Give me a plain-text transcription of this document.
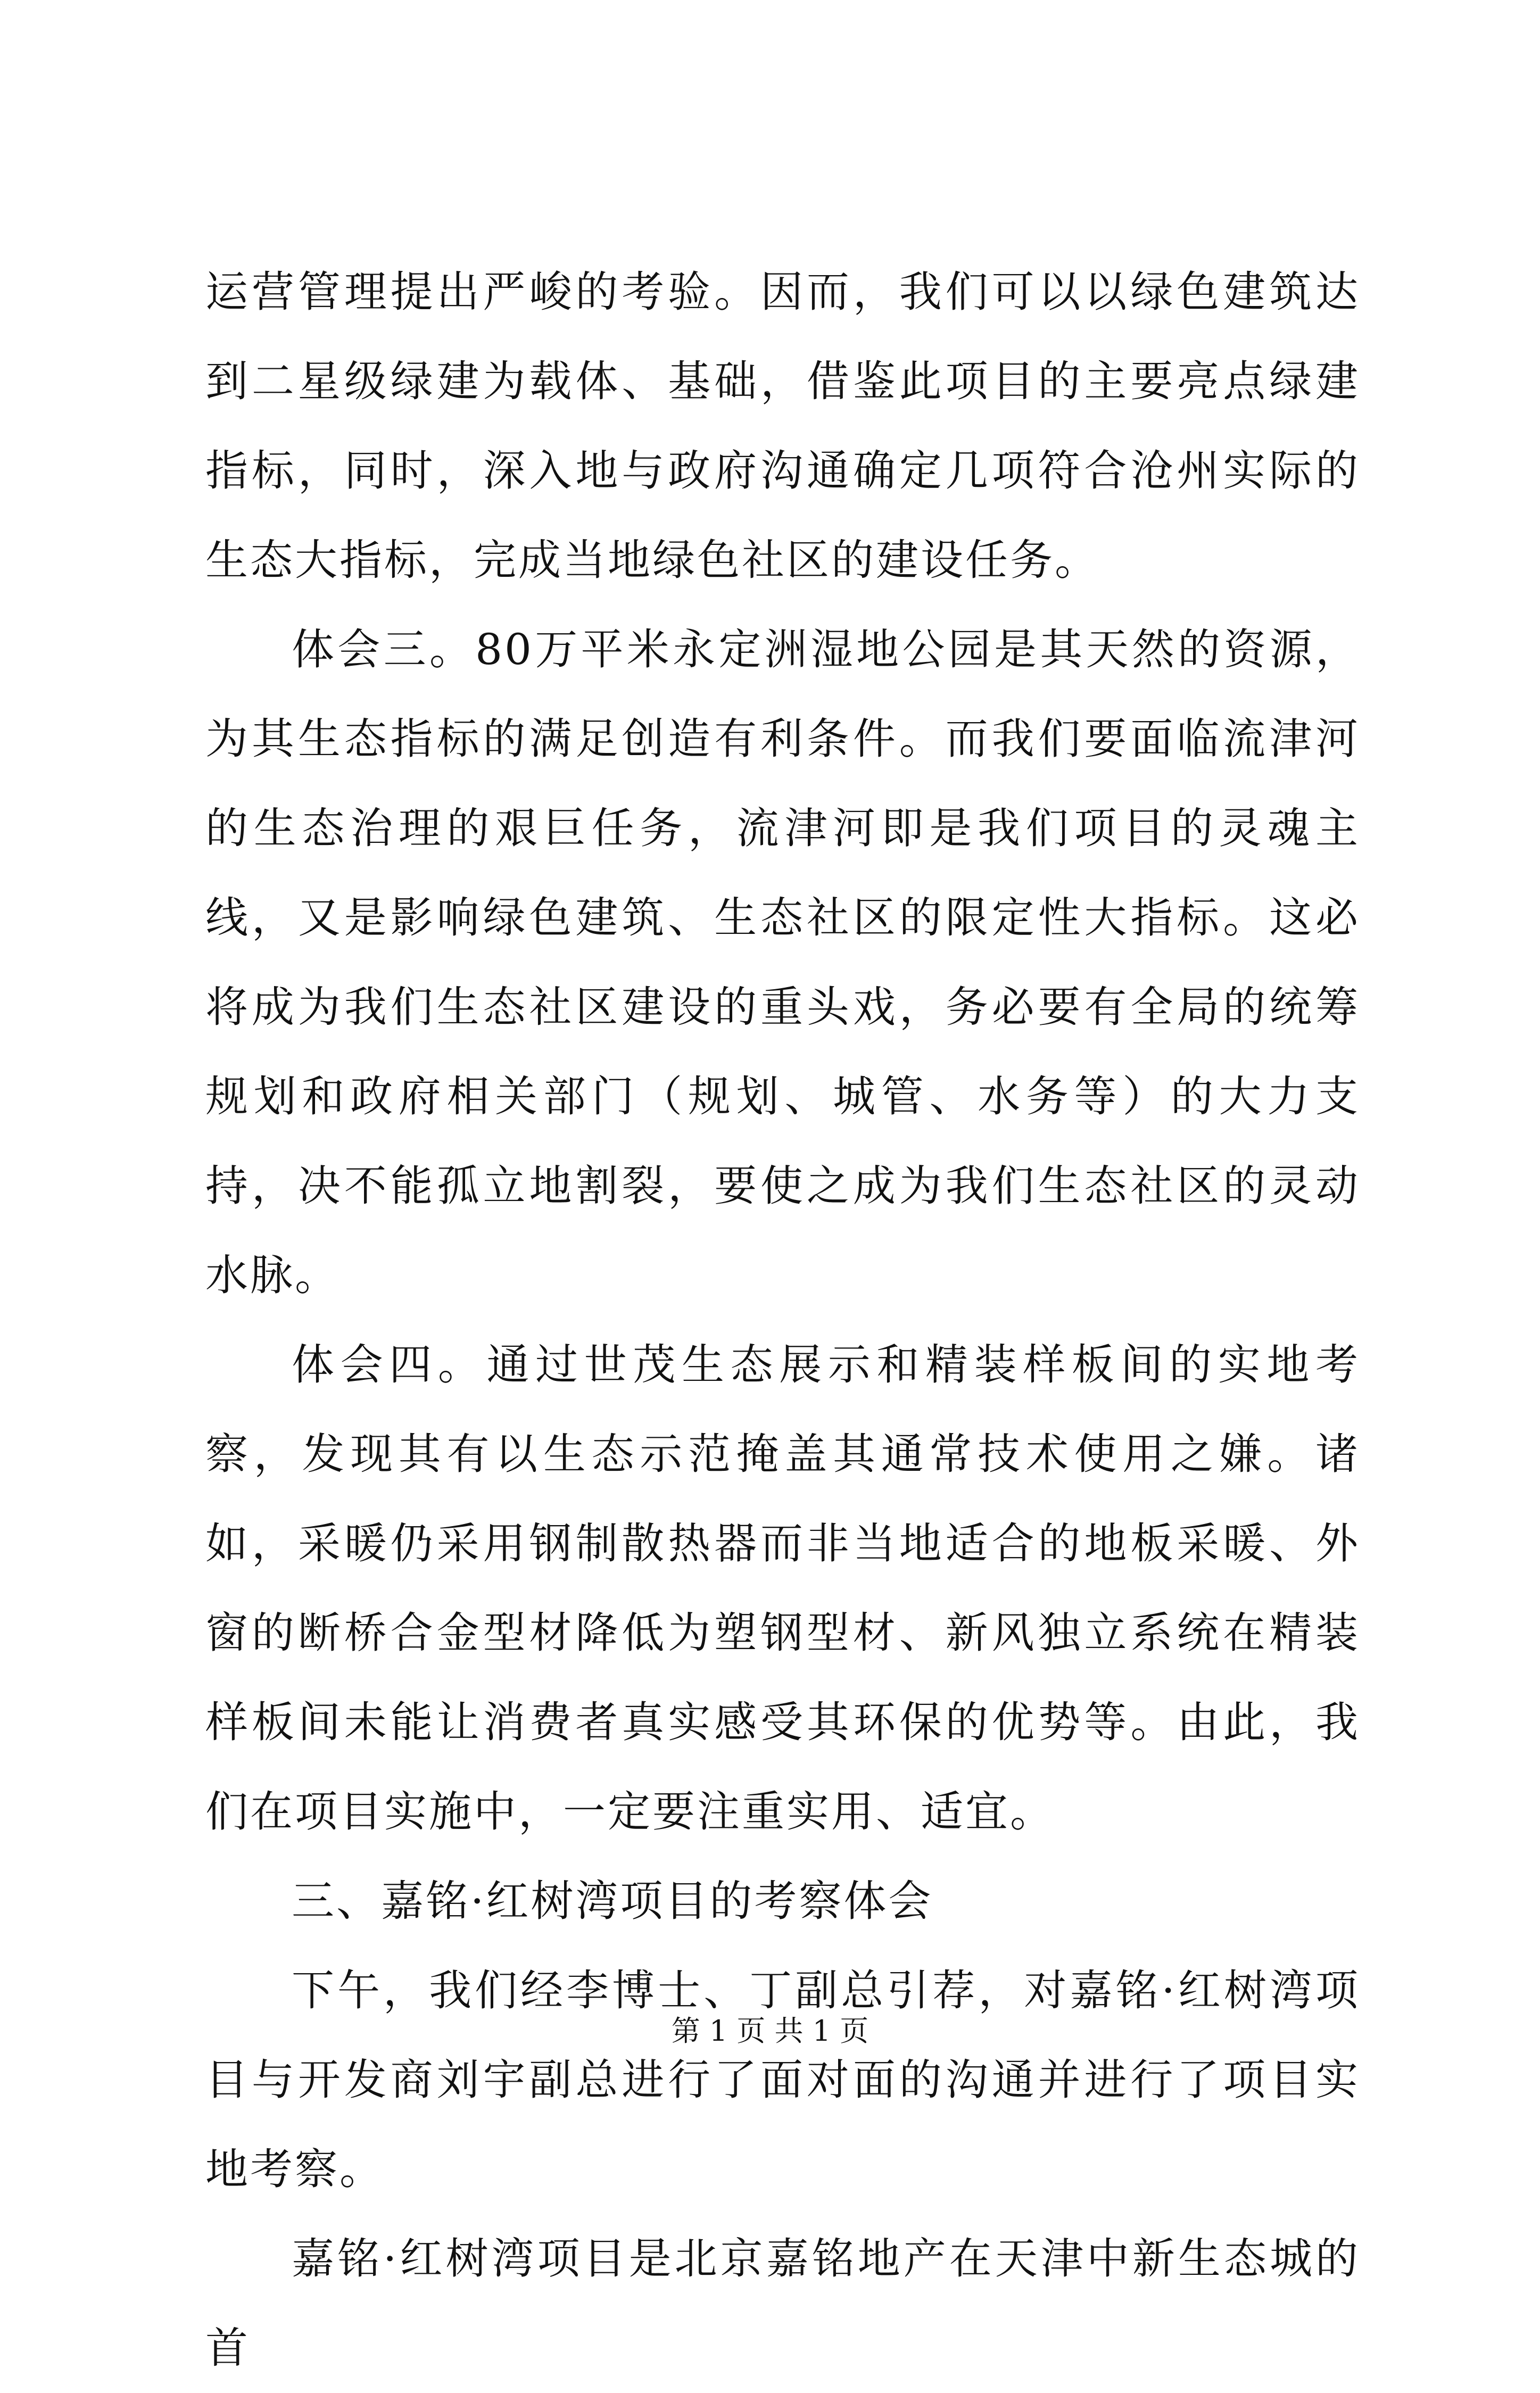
运营管理提出严峻的考验。因而，我们可以以绿色建筑达到二星级绿建为载体、基础，借鉴此项目的主要亮点绿建指标，同时，深入地与政府沟通确定几项符合沧州实际的生态大指标，完成当地绿色社区的建设任务。

体会三。80万平米永定洲湿地公园是其天然的资源，为其生态指标的满足创造有利条件。而我们要面临流津河的生态治理的艰巨任务，流津河即是我们项目的灵魂主线，又是影响绿色建筑、生态社区的限定性大指标。这必将成为我们生态社区建设的重头戏，务必要有全局的统筹规划和政府相关部门（规划、城管、水务等）的大力支持，决不能孤立地割裂，要使之成为我们生态社区的灵动水脉。

体会四。通过世茂生态展示和精装样板间的实地考察，发现其有以生态示范掩盖其通常技术使用之嫌。诸如，采暖仍采用钢制散热器而非当地适合的地板采暖、外窗的断桥合金型材降低为塑钢型材、新风独立系统在精装样板间未能让消费者真实感受其环保的优势等。由此，我们在项目实施中，一定要注重实用、适宜。

三、嘉铭·红树湾项目的考察体会

下午，我们经李博士、丁副总引荐，对嘉铭·红树湾项目与开发商刘宇副总进行了面对面的沟通并进行了项目实地考察。

嘉铭·红树湾项目是北京嘉铭地产在天津中新生态城的首

第 1 页 共 1 页
